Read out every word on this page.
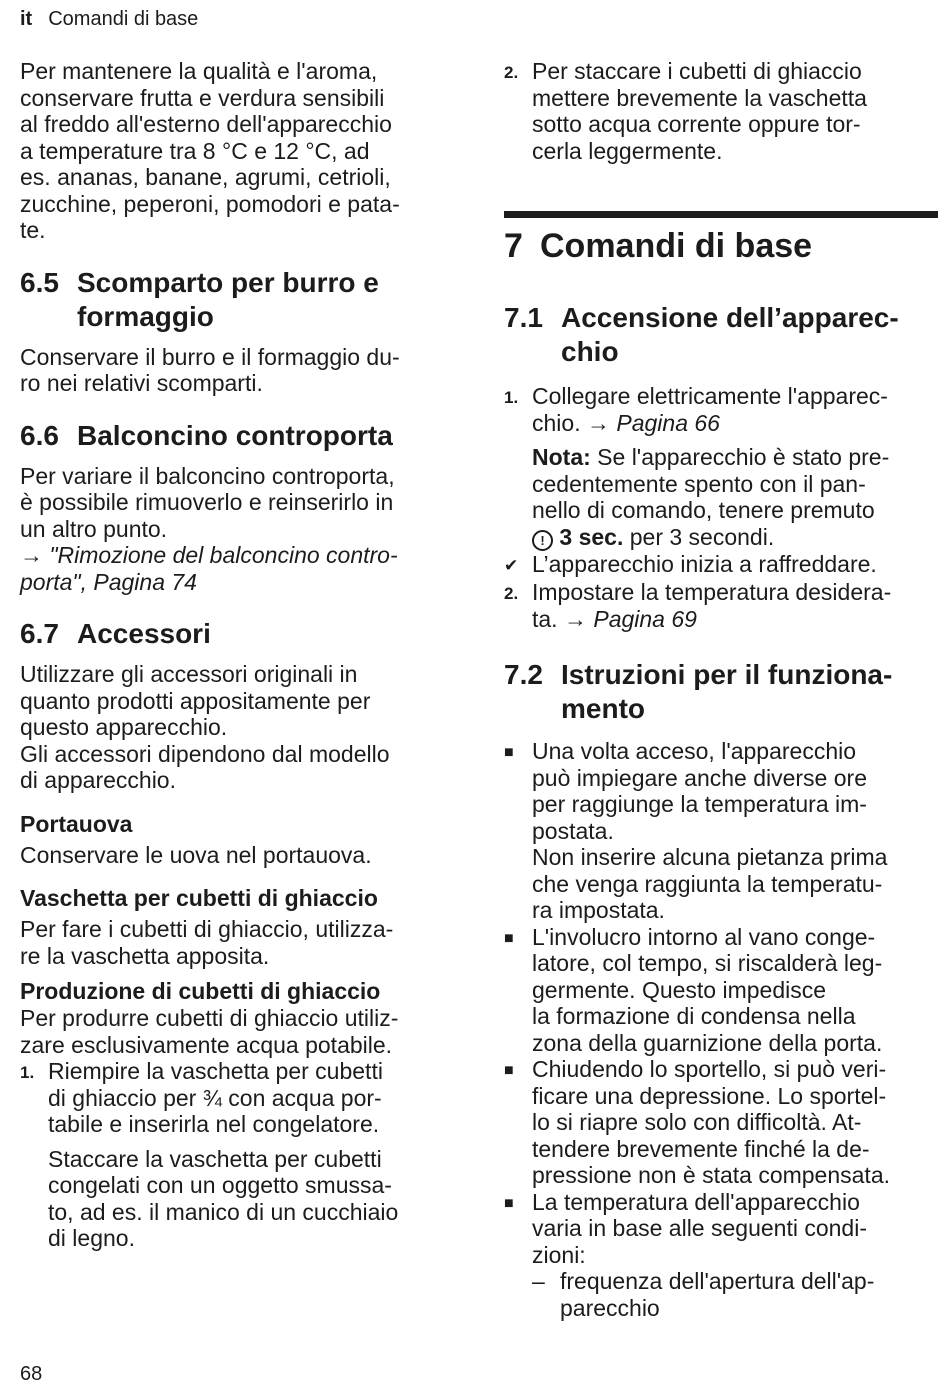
it Comandi di base

Per mantenere la qualità e l'aroma,
conservare frutta e verdura sensibili
al freddo all'esterno dell'apparecchio
a temperature tra 8 °C e 12 °C, ad
es. ananas, banane, agrumi, cetrioli,
zucchine, peperoni, pomodori e pata-
te.

6.5 Scomparto per burro e
formaggio

Conservare il burro e il formaggio du-
ro nei relativi scomparti.

6.6 Balconcino controporta

Per variare il balconcino controporta,
è possibile rimuoverlo e reinserirlo in
un altro punto.
→ "Rimozione del balconcino contro-
porta", Pagina 74

6.7 Accessori

Utilizzare gli accessori originali in
quanto prodotti appositamente per
questo apparecchio.
Gli accessori dipendono dal modello
di apparecchio.

Portauova

Conservare le uova nel portauova.

Vaschetta per cubetti di ghiaccio

Per fare i cubetti di ghiaccio, utilizza-
re la vaschetta apposita.

Produzione di cubetti di ghiaccio

Per produrre cubetti di ghiaccio utiliz-
zare esclusivamente acqua potabile.

1. Riempire la vaschetta per cubetti
di ghiaccio per ¾ con acqua por-
tabile e inserirla nel congelatore.

Staccare la vaschetta per cubetti
congelati con un oggetto smussa-
to, ad es. il manico di un cucchiaio
di legno.

2. Per staccare i cubetti di ghiaccio
mettere brevemente la vaschetta
sotto acqua corrente oppure tor-
cerla leggermente.
7 Comandi di base
7.1 Accensione dell’apparec-
chio
1. Collegare elettricamente l'apparec-
chio. → Pagina 66

Nota: Se l'apparecchio è stato pre-
cedentemente spento con il pan-
nello di comando, tenere premuto
! 3 sec. per 3 secondi.

✔ L’apparecchio inizia a raffreddare.
2. Impostare la temperatura desidera-
ta. → Pagina 69
7.2 Istruzioni per il funziona-
mento
■ Una volta acceso, l'apparecchio
può impiegare anche diverse ore
per raggiunge la temperatura im-
postata.
Non inserire alcuna pietanza prima
che venga raggiunta la temperatu-
ra impostata.
■ L'involucro intorno al vano conge-
latore, col tempo, si riscalderà leg-
germente. Questo impedisce
la formazione di condensa nella
zona della guarnizione della porta.
■ Chiudendo lo sportello, si può veri-
ficare una depressione. Lo sportel-
lo si riapre solo con difficoltà. At-
tendere brevemente finché la de-
pressione non è stata compensata.
■ La temperatura dell'apparecchio
varia in base alle seguenti condi-
zioni:
– frequenza dell'apertura dell'ap-
parecchio
68
